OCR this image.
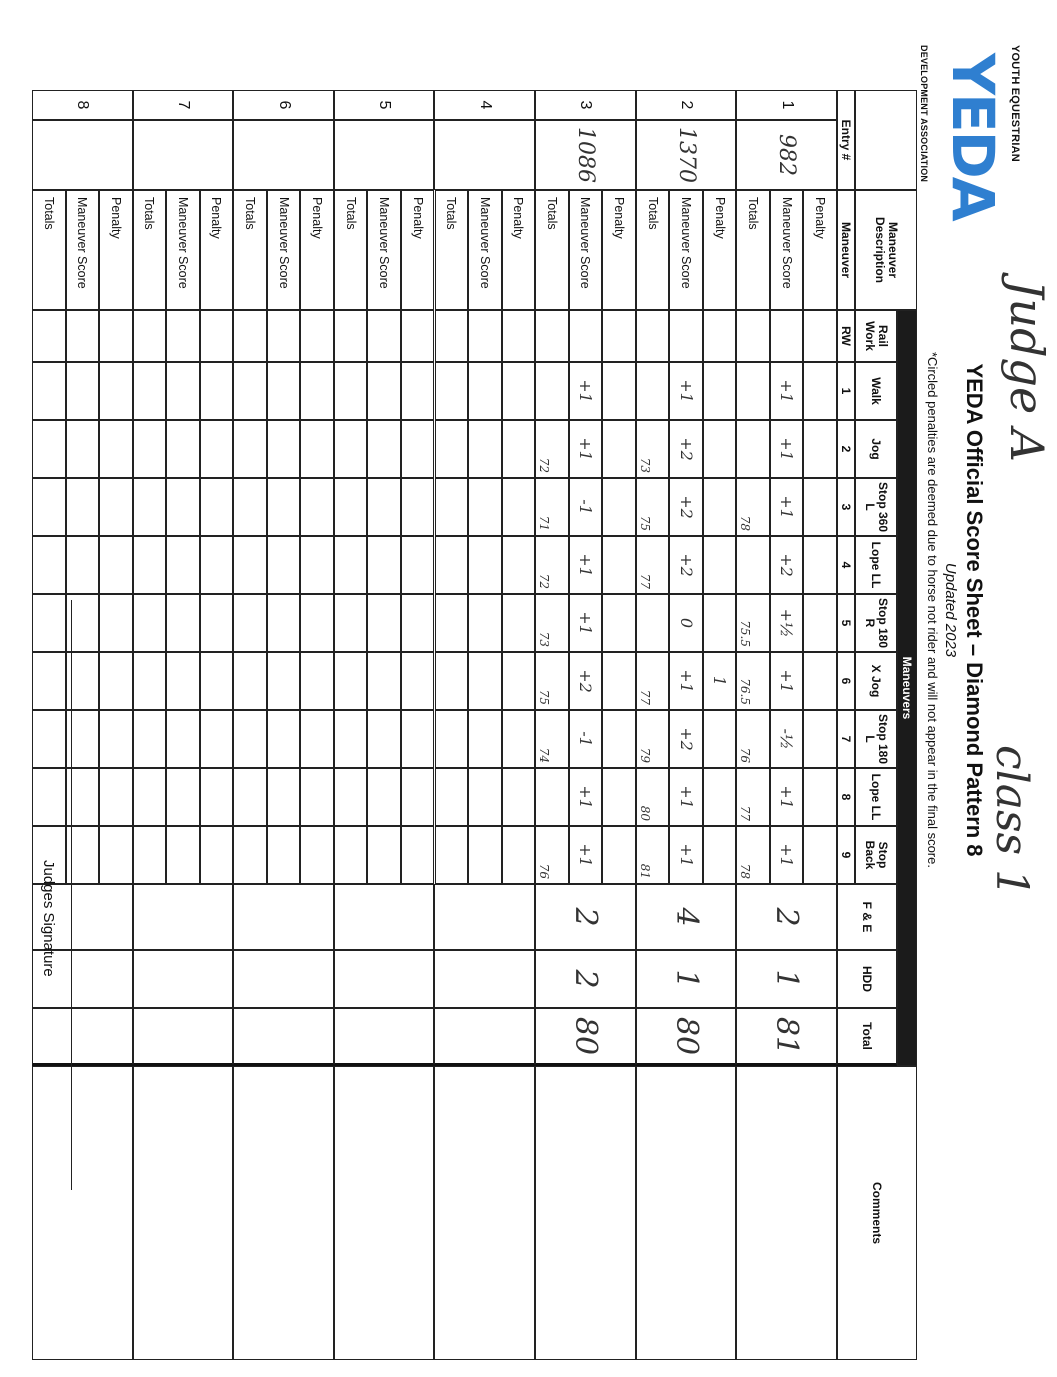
YOUTH EQUESTRIAN
YEDA
DEVELOPMENT ASSOCIATION
Judge A
class 1
YEDA Official Score Sheet – Diamond Pattern 8
Updated 2023
*Circled penalties are deemed due to horse not rider and will not appear in the final score.
Maneuvers
Comments
Maneuver Description
Rail Work
Walk
Jog
Stop 360 L
Lope LL
Stop 180 R
X Jog
Stop 180 L
Lope LL
Stop Back
F & E
HDD
Total
Entry #
Maneuver
RW
1
2
3
4
5
6
7
8
9
1
982
Penalty
Maneuver Score
Totals
+1
+1
+1
78
+2
+½
75.5
+1
76.5
-½
76
+1
77
+1
78
2
1
81
2
1370
Penalty
Maneuver Score
Totals
+1
+2
73
+2
75
+2
77
0
1
+1
77
+2
79
+1
80
+1
81
4
1
80
3
1086
Penalty
Maneuver Score
Totals
+1
+1
72
-1
71
+1
72
+1
73
+2
75
-1
74
+1
+1
76
2
2
80
4
Penalty
Maneuver Score
Totals
5
Penalty
Maneuver Score
Totals
6
Penalty
Maneuver Score
Totals
7
Penalty
Maneuver Score
Totals
8
Penalty
Maneuver Score
Totals
Judges Signature
